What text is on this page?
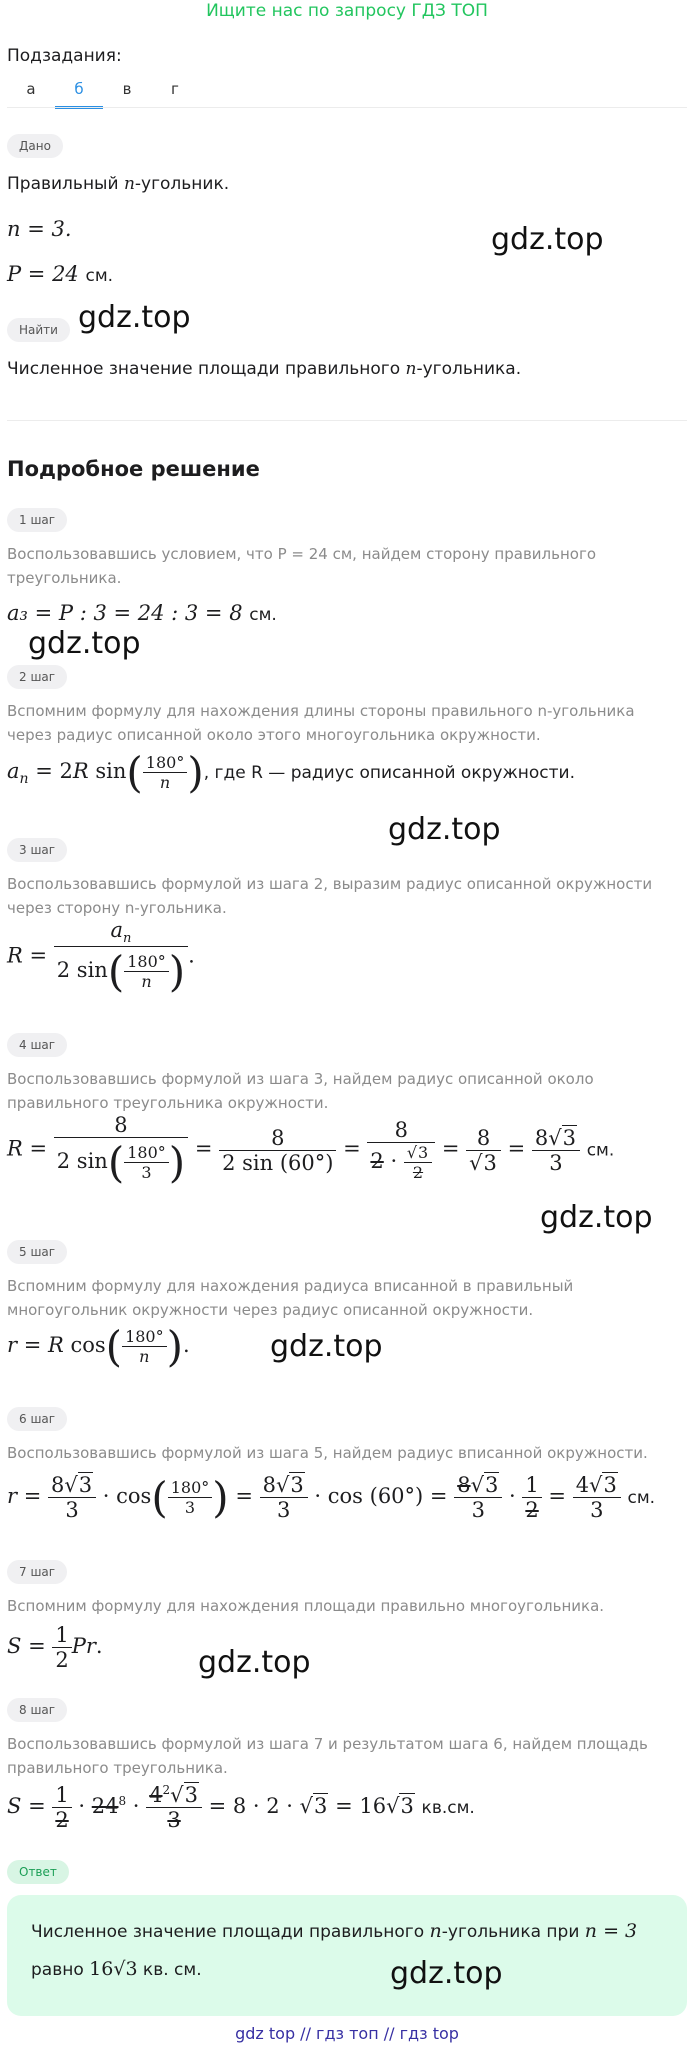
Ищите нас по запросу ГДЗ ТОП
Подзадания:
а	б	в	г
Дано
Правильный n-угольник.
n = 3.
P = 24 см.
Найти
Численное значение площади правильного n-угольника.
Подробное решение
1 шаг
Воспользовавшись условием, что P = 24 см, найдем сторону правильного треугольника.
a₃ = P : 3 = 24 : 3 = 8 см.
2 шаг
Вспомним формулу для нахождения длины стороны правильного n-угольника через радиус описанной около этого многоугольника окружности.
$a_n = 2R$ $\sin( \frac{180^\circ}{n}$ ), где R — радиус описанной окружности.
3 шаг
Воспользовавшись формулой из шага 2, выразим радиус описанной окружности через сторону n-угольника.
$R = \frac{a_n}{2 \sin( \frac{180^\circ}{n} )}$ .
4 шаг
Воспользовавшись формулой из шага 3, найдем радиус описанной около правильного треугольника окружности.
$R = \frac{8}{2 \sin( \frac{180^\circ}{3} )} = \frac{8}{2 \sin (60^\circ)} = \frac{8}{2 \cdot \frac{√3}{2}} = \frac{8}{√3} = \frac{8√3}{3}$ см.
5 шаг
Вспомним формулу для нахождения радиуса вписанной в правильный многоугольник окружности через радиус описанной окружности.
r = R $\cos( \frac{180^\circ}{n}$ ).
6 шаг
Воспользовавшись формулой из шага 5, найдем радиус вписанной окружности.
$r = \frac{8√3}{3} \cdot \cos( \frac{180^\circ}{3}$ ) = $\frac{8√3}{3} \cdot \cos (60^\circ) = \frac{8√3}{3} \cdot \frac{1}{2} = \frac{4√3}{3}$ см.
7 шаг
Вспомним формулу для нахождения площади правильно многоугольника.
$S = \frac{1}{2} Pr$.
8 шаг
Воспользовавшись формулой из шага 7 и результатом шага 6, найдем площадь правильного треугольника.
$S = \frac{1}{2} \cdot 24^8 \cdot \frac{4^2√3}{3} = 8 \cdot 2 \cdot √3 = 16√3$ кв.см.
Ответ
Численное значение площади правильного n-угольника при n = 3
равно 16√3 кв. см.
gdz.top
gdz.top
gdz.top
gdz.top
gdz.top
gdz.top
gdz.top
gdz.top
gdz top // гдз топ // гдз top
